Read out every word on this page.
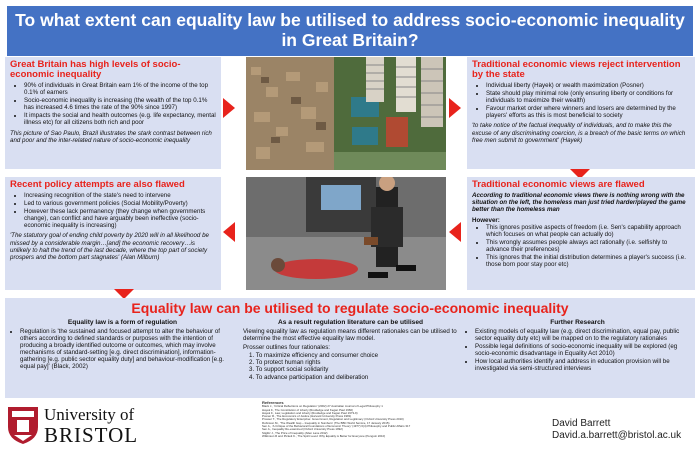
To what extent can equality law be utilised to address socio-economic inequality in Great Britain?
Great Britain has high levels of socio-economic inequality
• 90% of individuals in Great Britain earn 1% of the income of the top 0.1% of earners
• Socio-economic inequality is increasing (the wealth of the top 0.1% has increased 4.6 times the rate of the 90% since 1997)
• It impacts the social and health outcomes (e.g. life expectancy, mental illness etc) for all citizens both rich and poor
This picture of Sao Paulo, Brazil illustrates the stark contrast between rich and poor and the inter-related nature of socio-economic inequality
Traditional economic views reject intervention by the state
• Individual liberty (Hayek) or wealth maximization (Posner)
• State should play minimal role (only ensuring liberty or conditions for individuals to maximize their wealth)
• Favour market order where winners and losers are determined by the players' efforts as this is most beneficial to society
'to take notice of the factual inequality of individuals, and to make this the excuse of any discriminating coercion, is a breach of the basic terms on which free men submit to government' (Hayek)
Recent policy attempts are also flawed
• Increasing recognition of the state's need to intervene
• Led to various government policies (Social Mobility/Poverty)
• However these lack permanency (they change when governments change), can conflict and have arguably been ineffective (socio-economic inequality is increasing)
'The statutory goal of ending child poverty by 2020 will in all likelihood be missed by a considerable margin…[and] the economic recovery…is unlikely to halt the trend of the last decade, where the top part of society prospers and the bottom part stagnates' (Alan Milburn)
Traditional economic views are flawed
According to traditional economic views there is nothing wrong with the situation on the left, the homeless man just tried harder/played the game better than the homeless man
However:
• This ignores positive aspects of freedom (i.e. Sen's capability approach which focuses on what people can actually do)
• This wrongly assumes people always act rationally (i.e. selfishly to advance their preferences)
• This ignores that the initial distribution determines a player's success (i.e. those born poor stay poor etc)
Equality law can be utilised to regulate socio-economic inequality
Equality law is a form of regulation
• Regulation is 'the sustained and focused attempt to alter the behaviour of others according to defined standards or purposes with the intention of producing a broadly identified outcome or outcomes, which may involve mechanisms of standard-setting [e.g. direct discrimination], information-gathering [e.g. public sector equality duty] and behaviour-modification [e.g. equal pay]' (Black, 2002)
As a result regulation literature can be utilised
Viewing equality law as regulation means different rationales can be utilised to determine the most effective equality law model.
Prosser outlines four rationales:
1. To maximize efficiency and consumer choice
2. To protect human rights
3. To support social solidarity
4. To advance participation and deliberation
Further Research
• Existing models of equality law (e.g. direct discrimination, equal pay, public sector equality duty etc) will be mapped on to the regulatory rationales
• Possible legal definitions of socio-economic inequality will be explored (eg socio-economic disadvantage in Equality Act 2010)
• How local authorities identify and address in education provision will be investigated via semi-structured interviews
University of
BRISTOL
References
Black J., 'Critical Reflections on Regulation' (2002) 27 Australian Journal of Legal Philosophy 1
Hayek F., The Constitution of Liberty (Routledge and Kegan Paul 1960)
Hayek F., Law, Legislation and Liberty (Routledge and Kegan Paul 1973-9)
Posner R., The Economics of Justice (Harvard University Press 1981)
Prosser T., The Regulatory Enterprise: Government, Regulation and Legitimacy (Oxford University Press 2010)
Robinson M., 'The Wealth Gap – Inequality in Numbers' (The BBC World Service, 17 January 2015)
Sen A., 'A Critique of the Behavioral Foundations of Economic Theory' (1977) 6(4) Philosophy and Public Affairs 317
Sen A., Inequality Re-examined (Oxford University Press 1992)
Stiglitz J., The Price of Inequality (Allen Lane 2012)
Wilkinson R and Pickett K., The Spirit Level: Why Equality is Better for Everyone (Penguin 2010)
David Barrett
David.a.barrett@bristol.ac.uk
